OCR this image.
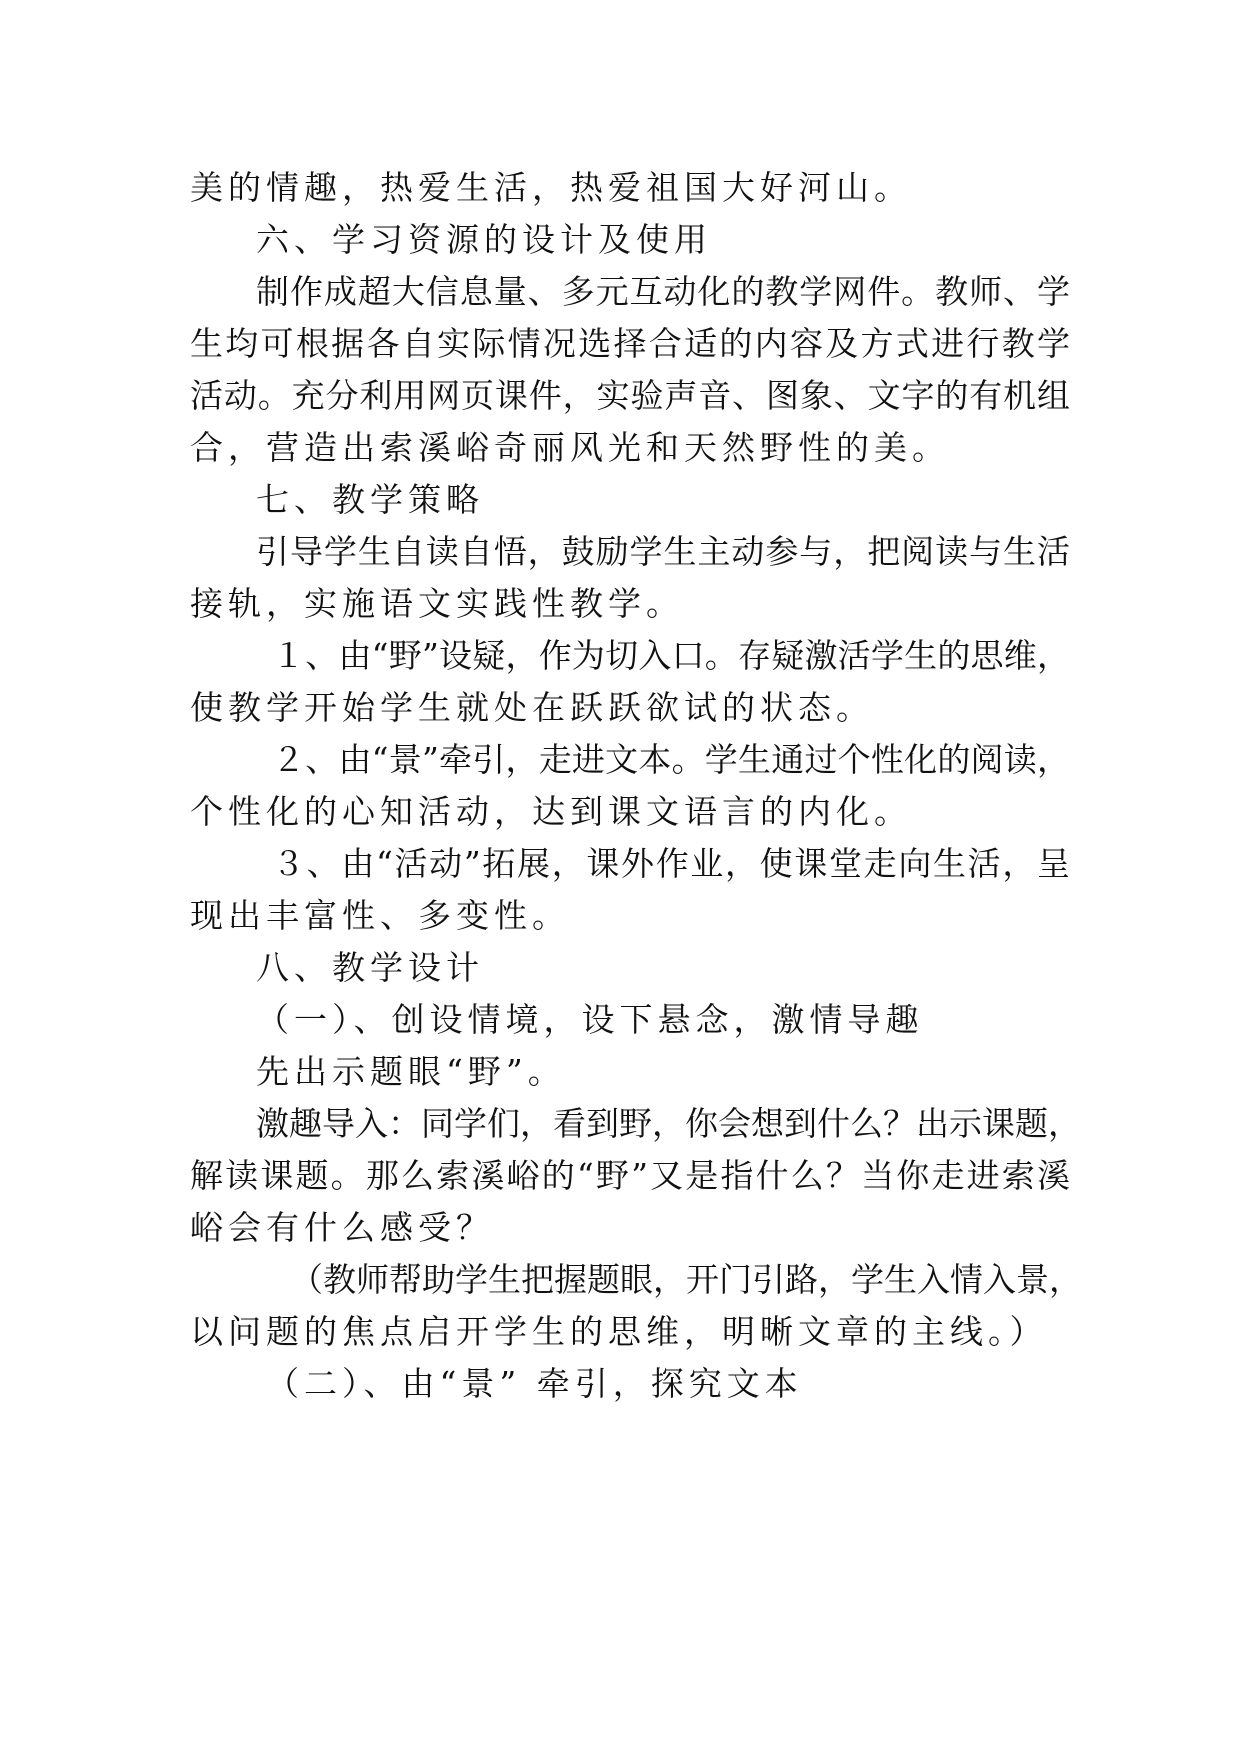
美的情趣，热爱生活，热爱祖国大好河山。
六、学习资源的设计及使用
制作成超大信息量、多元互动化的教学网件。教师、学
生均可根据各自实际情况选择合适的内容及方式进行教学
活动。充分利用网页课件，实验声音、图象、文字的有机组
合，营造出索溪峪奇丽风光和天然野性的美。
七、教学策略
引导学生自读自悟，鼓励学生主动参与，把阅读与生活
接轨，实施语文实践性教学。
１、由“野”设疑，作为切入口。存疑激活学生的思维，
使教学开始学生就处在跃跃欲试的状态。
２、由“景”牵引，走进文本。学生通过个性化的阅读，
个性化的心知活动，达到课文语言的内化。
３、由“活动”拓展，课外作业，使课堂走向生活，呈
现出丰富性、多变性。
八、教学设计
（一）、创设情境，设下悬念，激情导趣
先出示题眼“野”。
激趣导入：同学们，看到野，你会想到什么？出示课题，
解读课题。那么索溪峪的“野”又是指什么？当你走进索溪
峪会有什么感受？
（教师帮助学生把握题眼，开门引路，学生入情入景，
以问题的焦点启开学生的思维，明晰文章的主线。）
（二）、由“景” 牵引，探究文本
